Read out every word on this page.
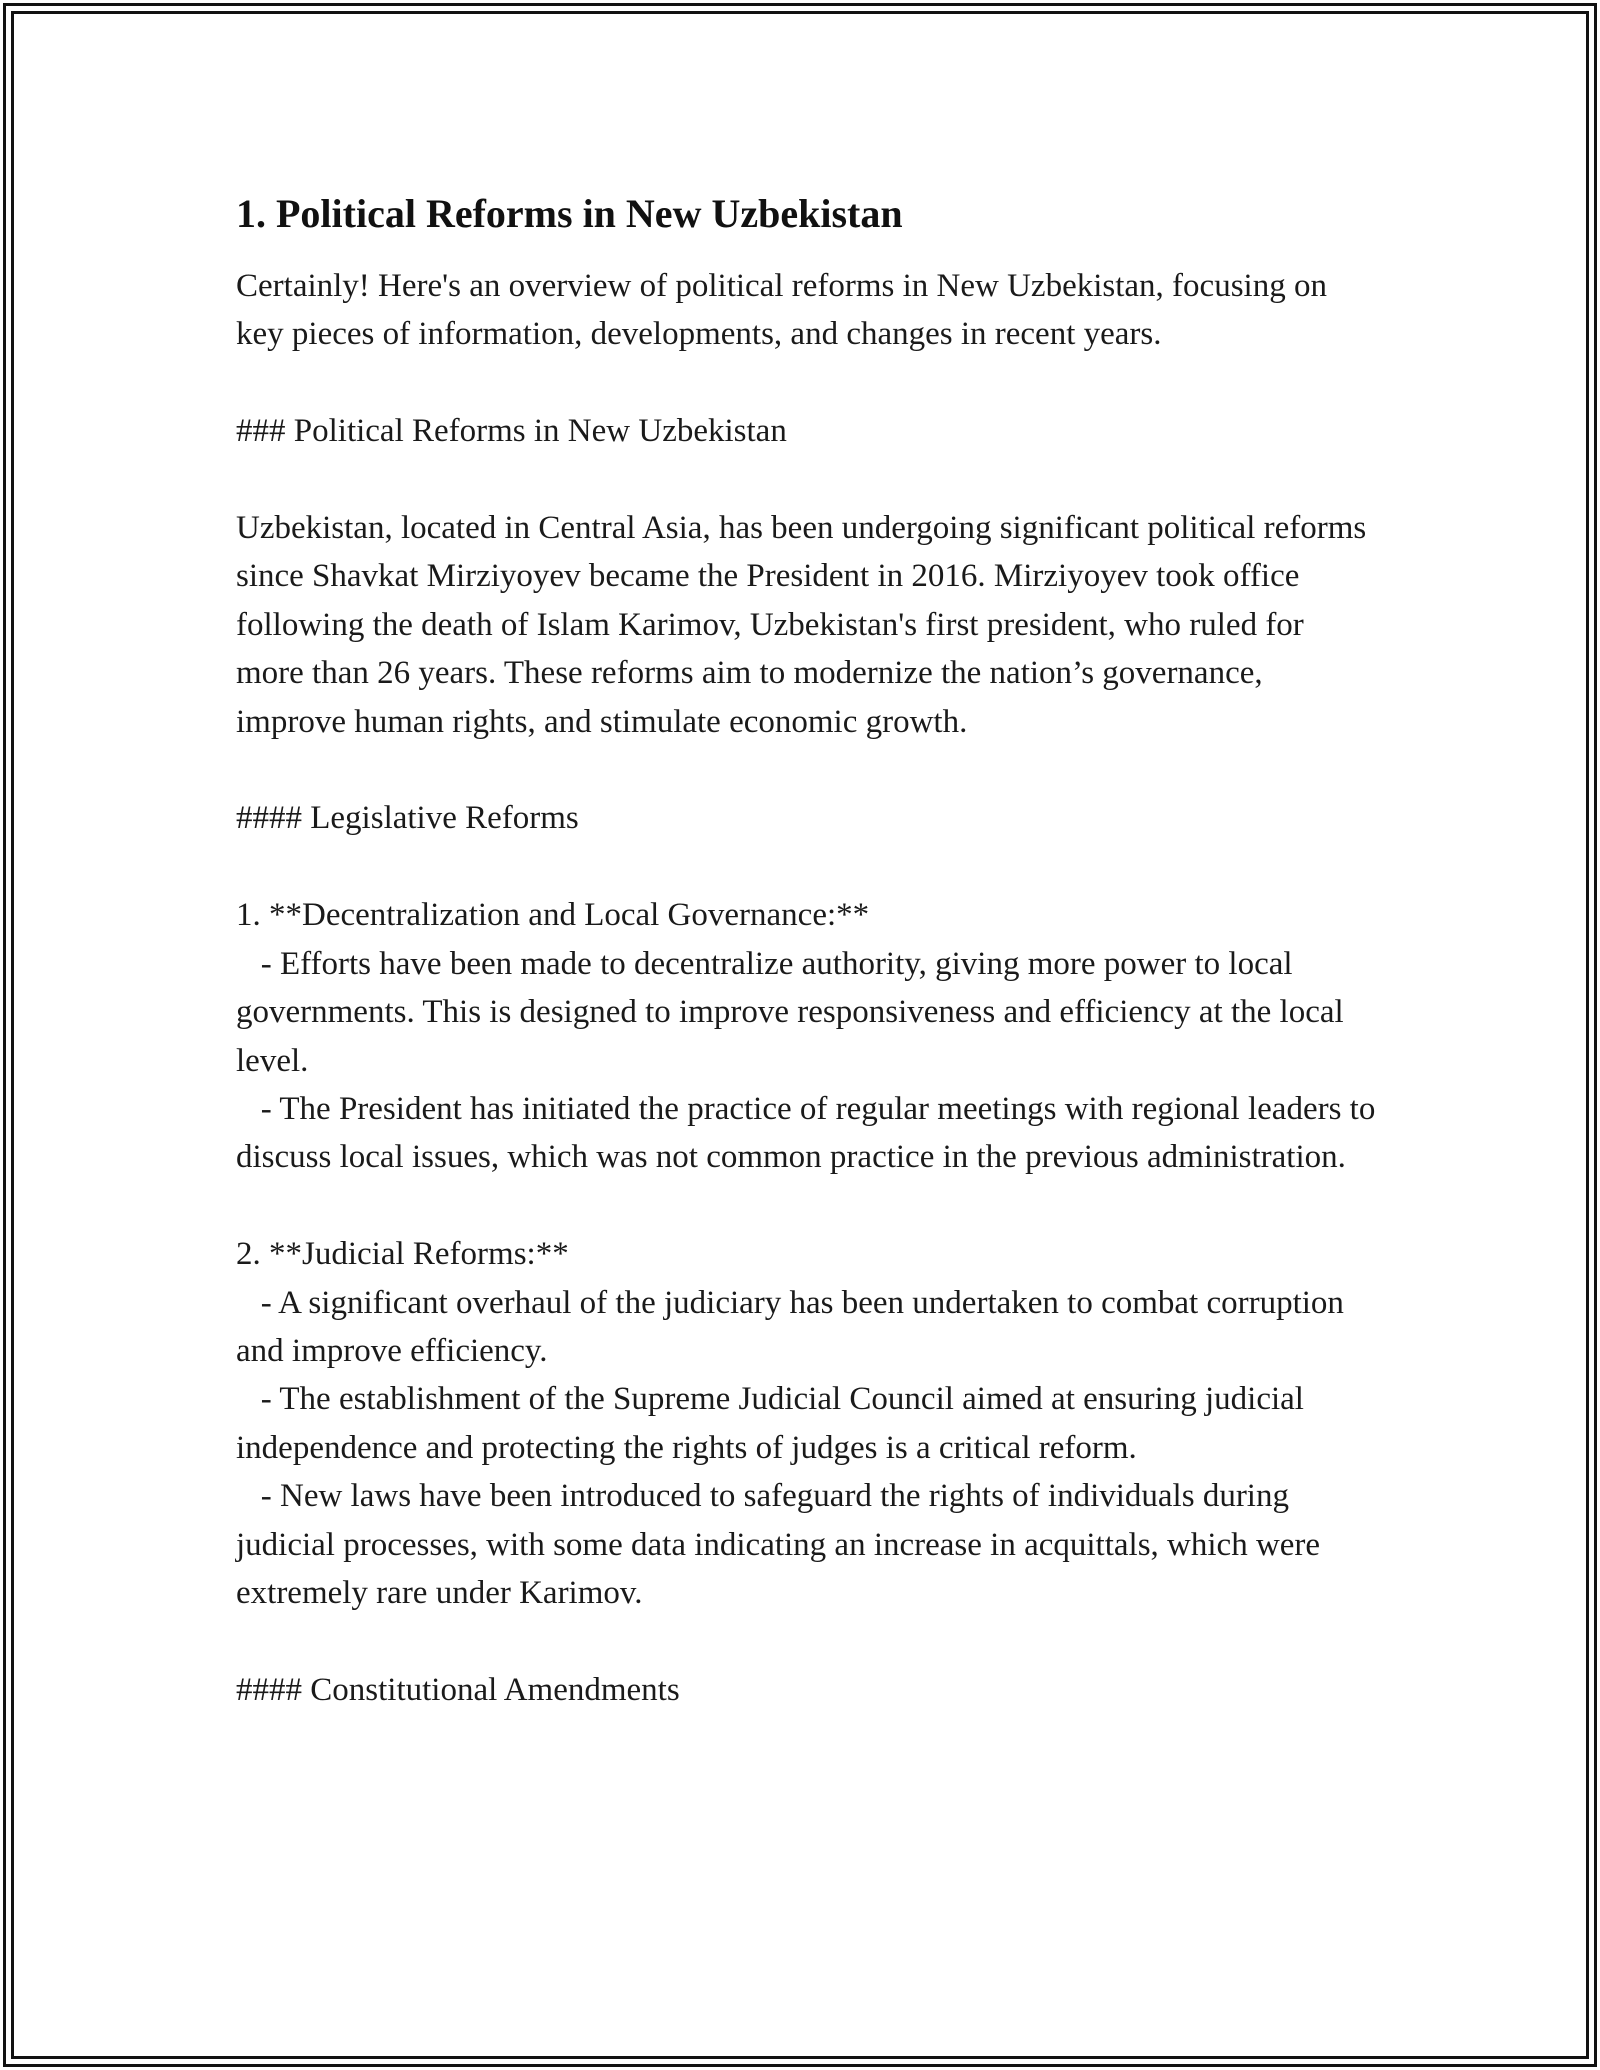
1. Political Reforms in New Uzbekistan
Certainly! Here's an overview of political reforms in New Uzbekistan, focusing on key pieces of information, developments, and changes in recent years.

### Political Reforms in New Uzbekistan

Uzbekistan, located in Central Asia, has been undergoing significant political reforms since Shavkat Mirziyoyev became the President in 2016. Mirziyoyev took office following the death of Islam Karimov, Uzbekistan's first president, who ruled for more than 26 years. These reforms aim to modernize the nation’s governance, improve human rights, and stimulate economic growth.

#### Legislative Reforms

1. **Decentralization and Local Governance:**
- Efforts have been made to decentralize authority, giving more power to local governments. This is designed to improve responsiveness and efficiency at the local level.
- The President has initiated the practice of regular meetings with regional leaders to discuss local issues, which was not common practice in the previous administration.

2. **Judicial Reforms:**
- A significant overhaul of the judiciary has been undertaken to combat corruption and improve efficiency.
- The establishment of the Supreme Judicial Council aimed at ensuring judicial independence and protecting the rights of judges is a critical reform.
- New laws have been introduced to safeguard the rights of individuals during judicial processes, with some data indicating an increase in acquittals, which were extremely rare under Karimov.

#### Constitutional Amendments
